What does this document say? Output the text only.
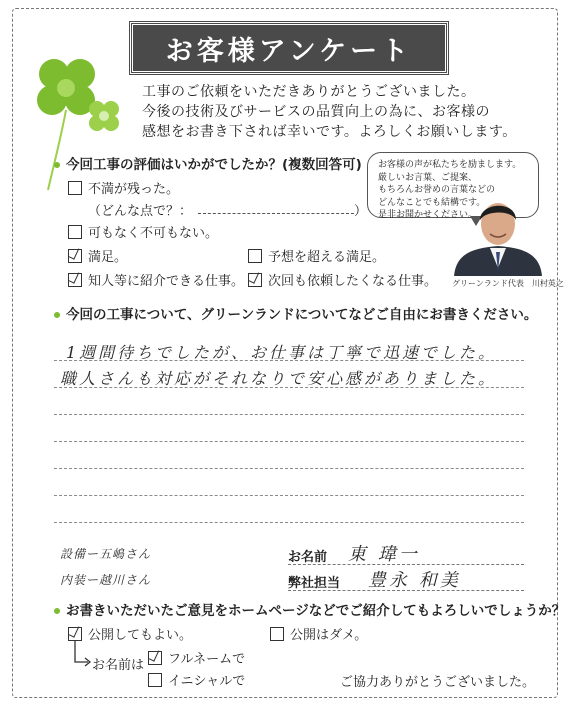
お客様アンケート
工事のご依頼をいただきありがとうございました。
今後の技術及びサービスの品質向上の為に、お客様の
感想をお書き下されば幸いです。よろしくお願いします。
今回工事の評価はいかがでしたか？(複数回答可)
不満が残った。
（どんな点で？：	）
可もなく不可もない。
満足。	予想を超える満足。
知人等に紹介できる仕事。 次回も依頼したくなる仕事。
お客様の声が私たちを励まします。
厳しいお言葉、ご提案、
もちろんお誉めの言葉などの
どんなことでも結構です。
是非お聞かせください。
グリーンランド代表　川村英之
今回の工事について、グリーンランドについてなどご自由にお書きください。
1週間待ちでしたが、お仕事は丁寧で迅速でした。
職人さんも対応がそれなりで安心感がありました。
設備ー五嶋さん
内装ー越川さん
お名前 東 瑋一
弊社担当 豊永 和美
お書きいただいたご意見をホームページなどでご紹介してもよろしいでしょうか？
公開してもよい。	公開はダメ。
お名前は フルネームで
イニシャルで	ご協力ありがとうございました。
